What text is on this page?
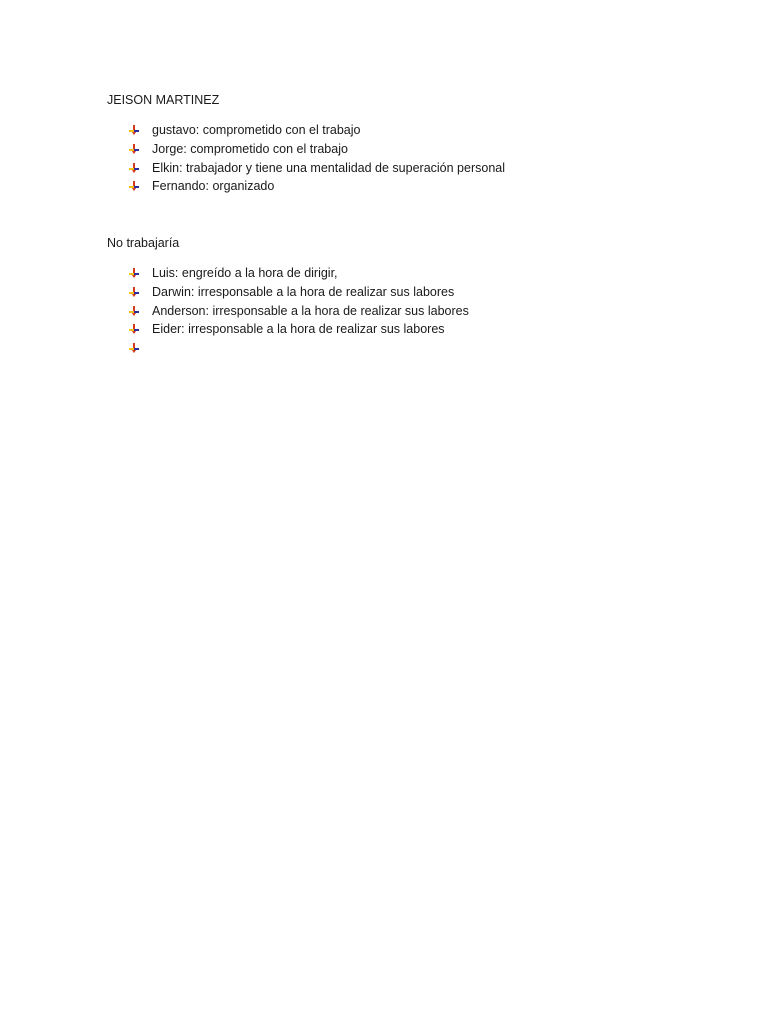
JEISON MARTINEZ
gustavo: comprometido con el trabajo
Jorge: comprometido con el trabajo
Elkin: trabajador y tiene una mentalidad de superación personal
Fernando: organizado
No trabajaría
Luis: engreído a la hora de dirigir,
Darwin: irresponsable a la hora de realizar sus labores
Anderson: irresponsable a la hora de realizar sus labores
Eider: irresponsable a la hora de realizar sus labores
